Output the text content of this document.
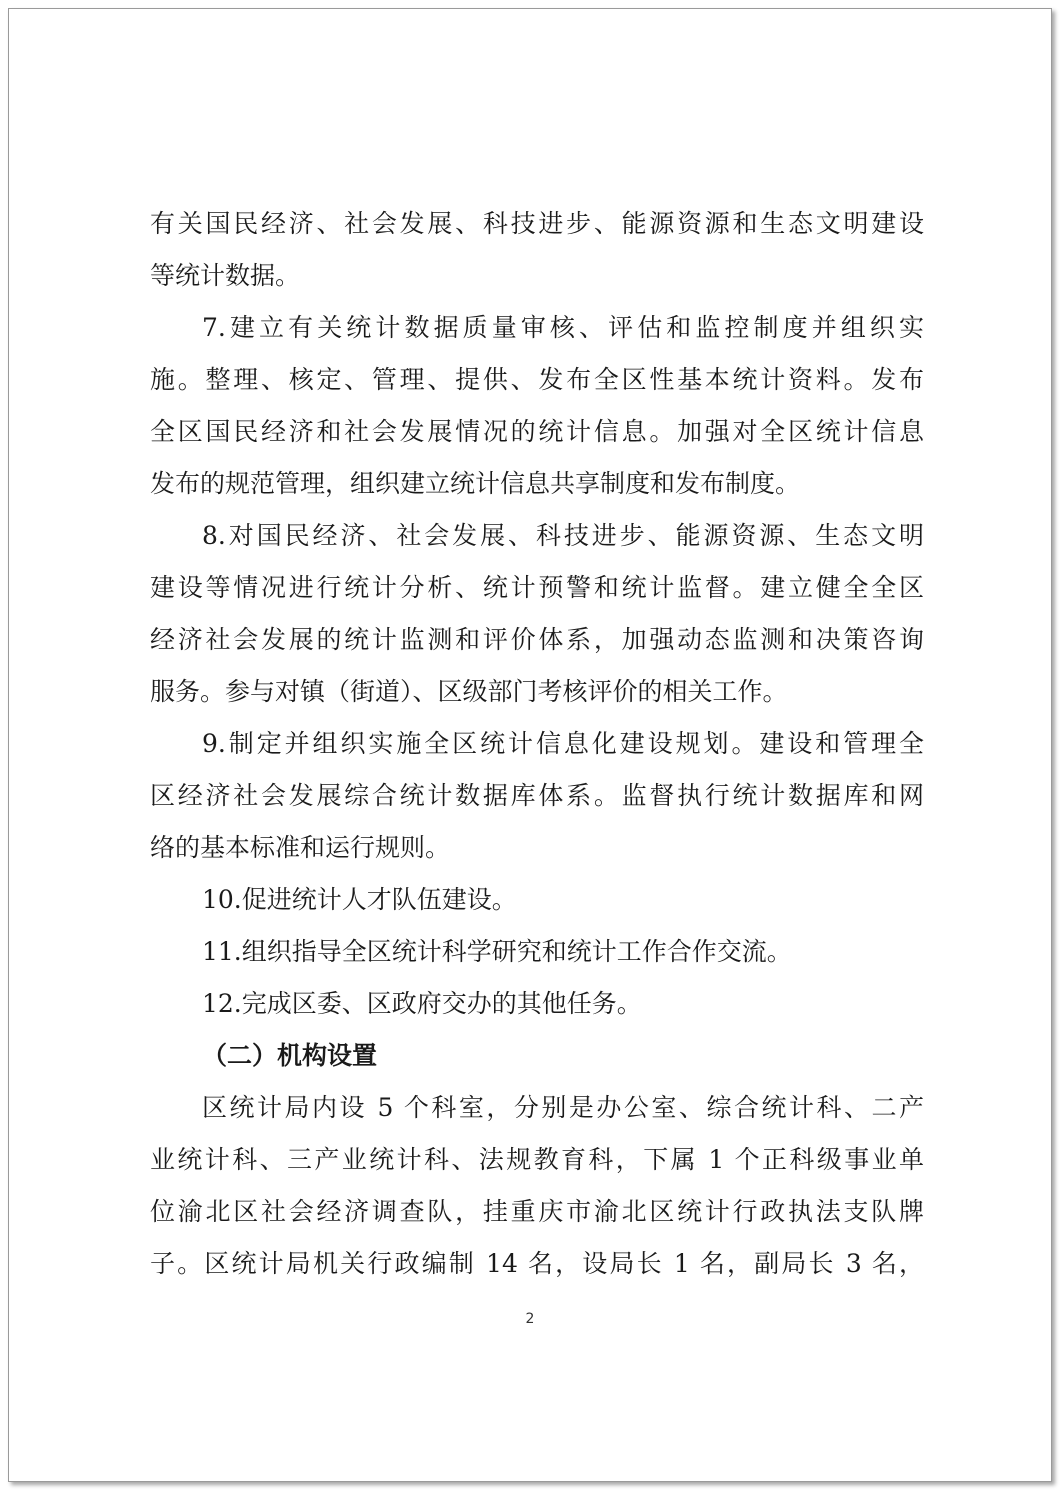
有关国民经济、社会发展、科技进步、能源资源和生态文明建设
等统计数据。
7.建立有关统计数据质量审核、评估和监控制度并组织实
施。整理、核定、管理、提供、发布全区性基本统计资料。发布
全区国民经济和社会发展情况的统计信息。加强对全区统计信息
发布的规范管理，组织建立统计信息共享制度和发布制度。
8.对国民经济、社会发展、科技进步、能源资源、生态文明
建设等情况进行统计分析、统计预警和统计监督。建立健全全区
经济社会发展的统计监测和评价体系，加强动态监测和决策咨询
服务。参与对镇（街道）、区级部门考核评价的相关工作。
9.制定并组织实施全区统计信息化建设规划。建设和管理全
区经济社会发展综合统计数据库体系。监督执行统计数据库和网
络的基本标准和运行规则。
10.促进统计人才队伍建设。
11.组织指导全区统计科学研究和统计工作合作交流。
12.完成区委、区政府交办的其他任务。
（二）机构设置
区统计局内设 5 个科室，分别是办公室、综合统计科、二产
业统计科、三产业统计科、法规教育科，下属 1 个正科级事业单
位渝北区社会经济调查队，挂重庆市渝北区统计行政执法支队牌
子。区统计局机关行政编制 14 名，设局长 1 名，副局长 3 名，
2
